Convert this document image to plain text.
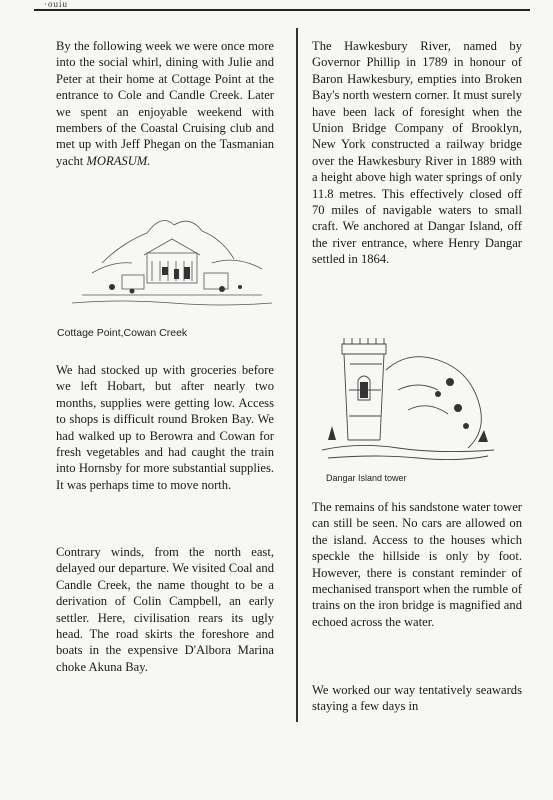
·ouiu

By the following week we were once more into the social whirl, dining with Julie and Peter at their home at Cottage Point at the entrance to Cole and Candle Creek. Later we spent an enjoyable weekend with members of the Coastal Cruising club and met up with Jeff Phegan on the Tasmanian yacht MORASUM.

Cottage Point,Cowan Creek

We had stocked up with groceries before we left Hobart, but after nearly two months, supplies were getting low. Access to shops is difficult round Broken Bay. We had walked up to Berowra and Cowan for fresh vegetables and had caught the train into Hornsby for more substantial supplies. It was perhaps time to move north.

Contrary winds, from the north east, delayed our departure. We visited Coal and Candle Creek, the name thought to be a derivation of Colin Campbell, an early settler. Here, civilisation rears its ugly head. The road skirts the foreshore and boats in the expensive D'Albora Marina choke Akuna Bay.

The Hawkesbury River, named by Governor Phillip in 1789 in honour of Baron Hawkesbury, empties into Broken Bay's north western corner. It must surely have been lack of foresight when the Union Bridge Company of Brooklyn, New York constructed a railway bridge over the Hawkesbury River in 1889 with a height above high water springs of only 11.8 metres. This effectively closed off 70 miles of navigable waters to small craft. We anchored at Dangar Island, off the river entrance, where Henry Dangar settled in 1864.

Dangar Island tower

The remains of his sandstone water tower can still be seen. No cars are allowed on the island. Access to the houses which speckle the hillside is only by foot. However, there is constant reminder of mechanised transport when the rumble of trains on the iron bridge is magnified and echoed across the water.

We worked our way tentatively seawards staying a few days in
